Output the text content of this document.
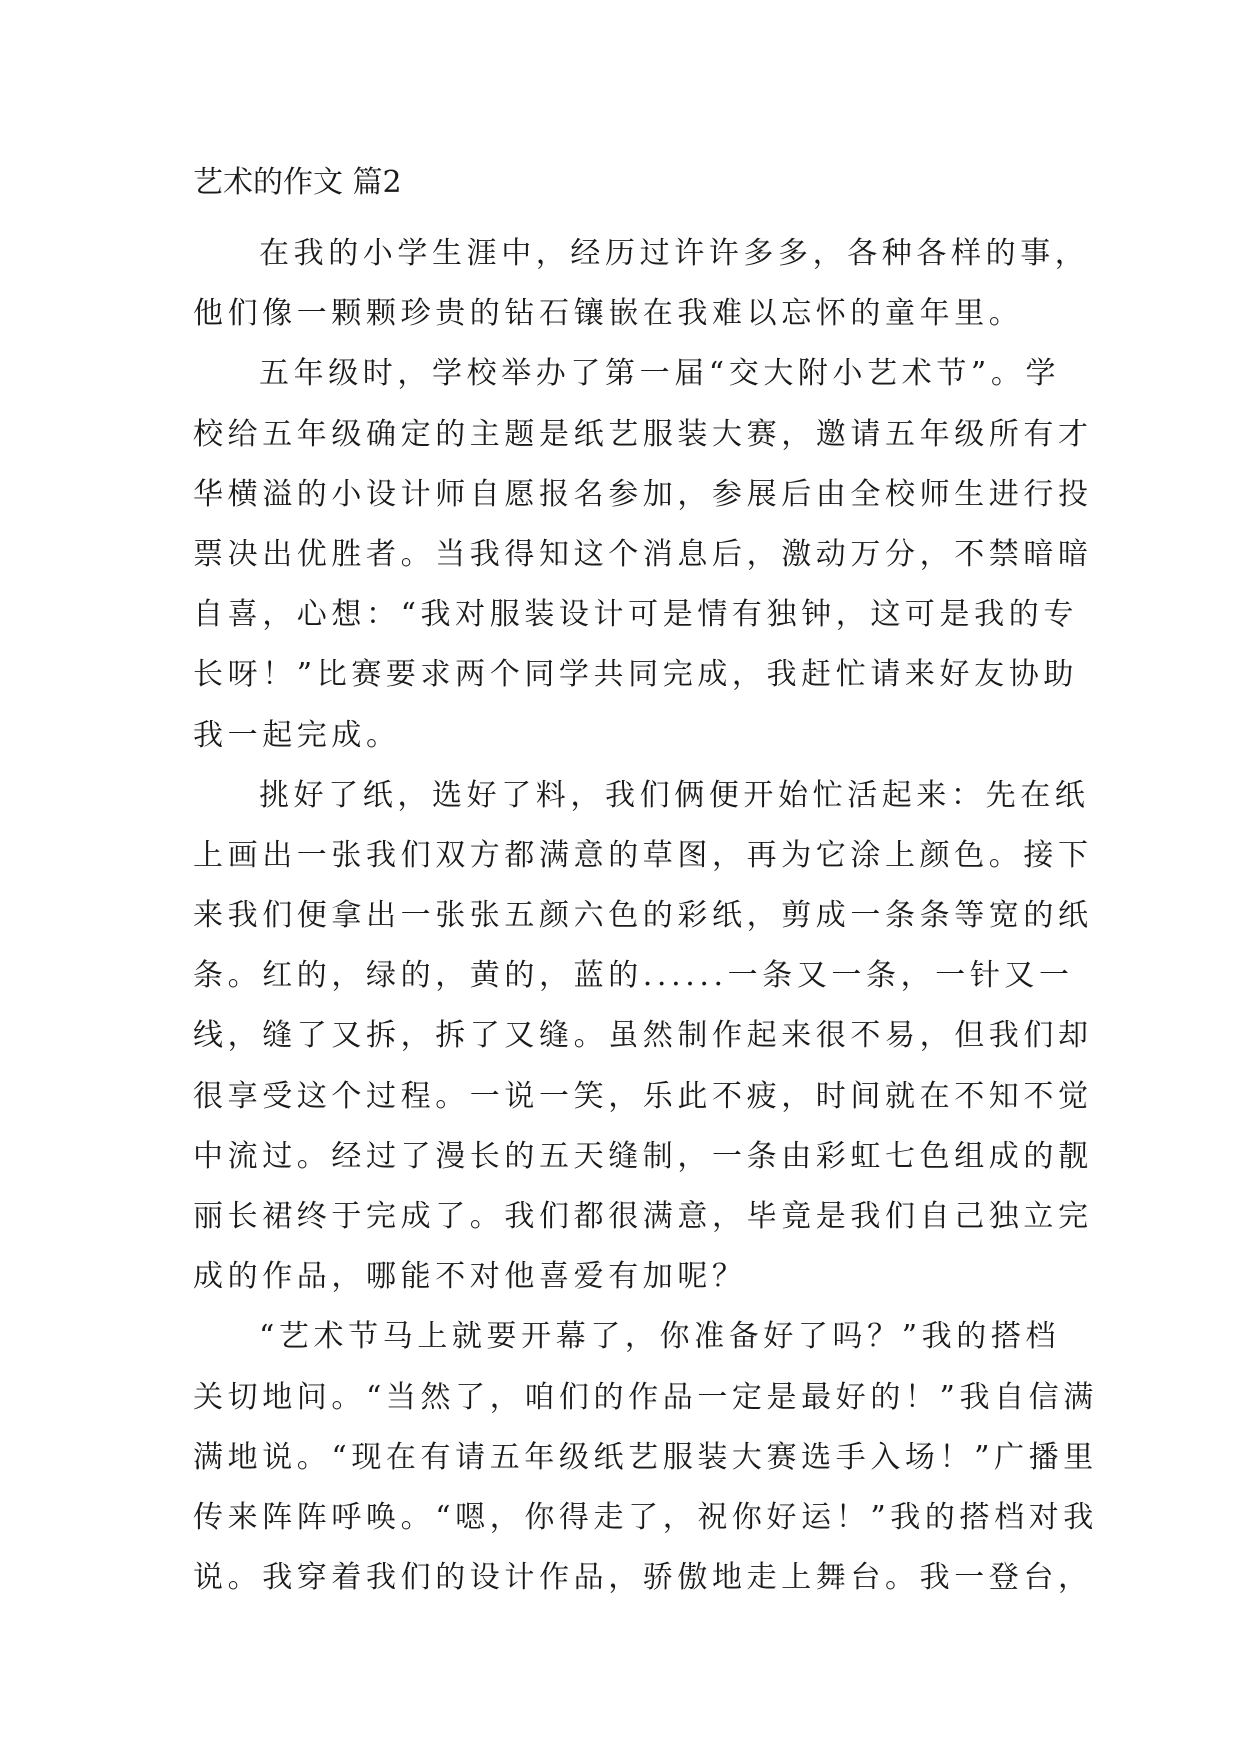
艺术的作文 篇2
在我的小学生涯中，经历过许许多多，各种各样的事，
他们像一颗颗珍贵的钻石镶嵌在我难以忘怀的童年里。
五年级时，学校举办了第一届“交大附小艺术节”。学
校给五年级确定的主题是纸艺服装大赛，邀请五年级所有才
华横溢的小设计师自愿报名参加，参展后由全校师生进行投
票决出优胜者。当我得知这个消息后，激动万分，不禁暗暗
自喜，心想：“我对服装设计可是情有独钟，这可是我的专
长呀！”比赛要求两个同学共同完成，我赶忙请来好友协助
我一起完成。
挑好了纸，选好了料，我们俩便开始忙活起来：先在纸
上画出一张我们双方都满意的草图，再为它涂上颜色。接下
来我们便拿出一张张五颜六色的彩纸，剪成一条条等宽的纸
条。红的，绿的，黄的，蓝的......一条又一条，一针又一
线，缝了又拆，拆了又缝。虽然制作起来很不易，但我们却
很享受这个过程。一说一笑，乐此不疲，时间就在不知不觉
中流过。经过了漫长的五天缝制，一条由彩虹七色组成的靓
丽长裙终于完成了。我们都很满意，毕竟是我们自己独立完
成的作品，哪能不对他喜爱有加呢？
“艺术节马上就要开幕了，你准备好了吗？”我的搭档
关切地问。“当然了，咱们的作品一定是最好的！”我自信满
满地说。“现在有请五年级纸艺服装大赛选手入场！”广播里
传来阵阵呼唤。“嗯，你得走了，祝你好运！”我的搭档对我
说。我穿着我们的设计作品，骄傲地走上舞台。我一登台，
